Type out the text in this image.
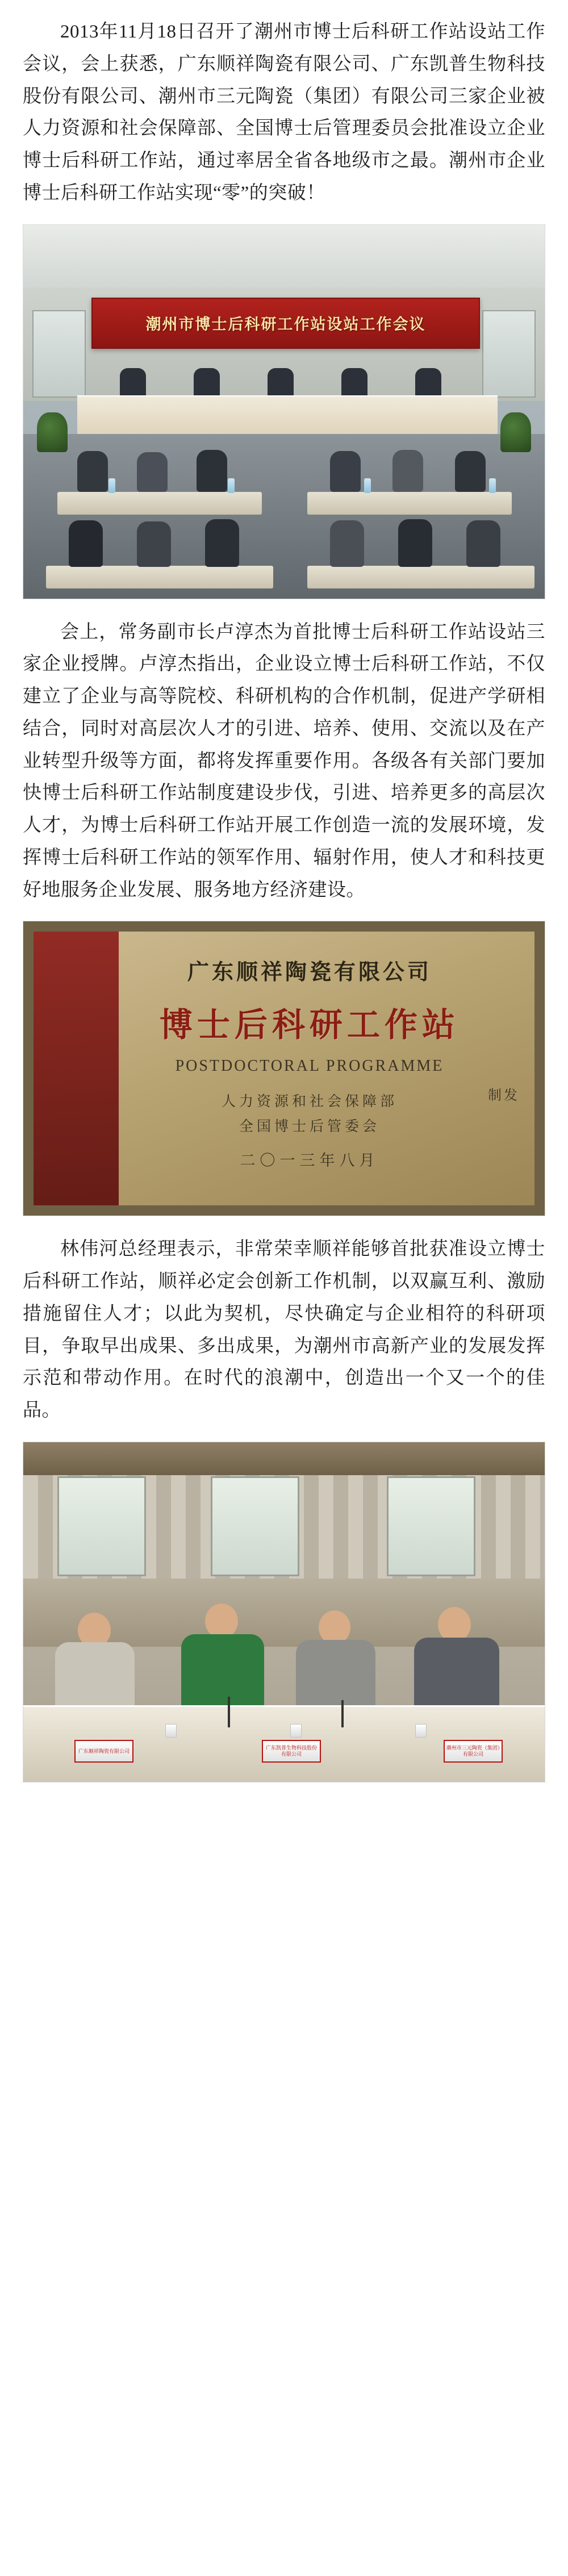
2013年11月18日召开了潮州市博士后科研工作站设站工作会议，会上获悉，广东顺祥陶瓷有限公司、广东凯普生物科技股份有限公司、潮州市三元陶瓷（集团）有限公司三家企业被人力资源和社会保障部、全国博士后管理委员会批准设立企业博士后科研工作站，通过率居全省各地级市之最。潮州市企业博士后科研工作站实现“零”的突破！

潮州市博士后科研工作站设站工作会议

会上，常务副市长卢淳杰为首批博士后科研工作站设站三家企业授牌。卢淳杰指出，企业设立博士后科研工作站，不仅建立了企业与高等院校、科研机构的合作机制，促进产学研相结合，同时对高层次人才的引进、培养、使用、交流以及在产业转型升级等方面，都将发挥重要作用。各级各有关部门要加快博士后科研工作站制度建设步伐，引进、培养更多的高层次人才，为博士后科研工作站开展工作创造一流的发展环境，发挥博士后科研工作站的领军作用、辐射作用，使人才和科技更好地服务企业发展、服务地方经济建设。

广东顺祥陶瓷有限公司
博士后科研工作站
POSTDOCTORAL PROGRAMME
人力资源和社会保障部
全国博士后管委会
二〇一三年八月
制发

林伟河总经理表示，非常荣幸顺祥能够首批获准设立博士后科研工作站，顺祥必定会创新工作机制，以双赢互利、激励措施留住人才；以此为契机，尽快确定与企业相符的科研项目，争取早出成果、多出成果，为潮州市高新产业的发展发挥示范和带动作用。在时代的浪潮中，创造出一个又一个的佳品。

广东顺祥陶瓷有限公司
广东凯普生物科技股份有限公司
潮州市三元陶瓷（集团）有限公司
